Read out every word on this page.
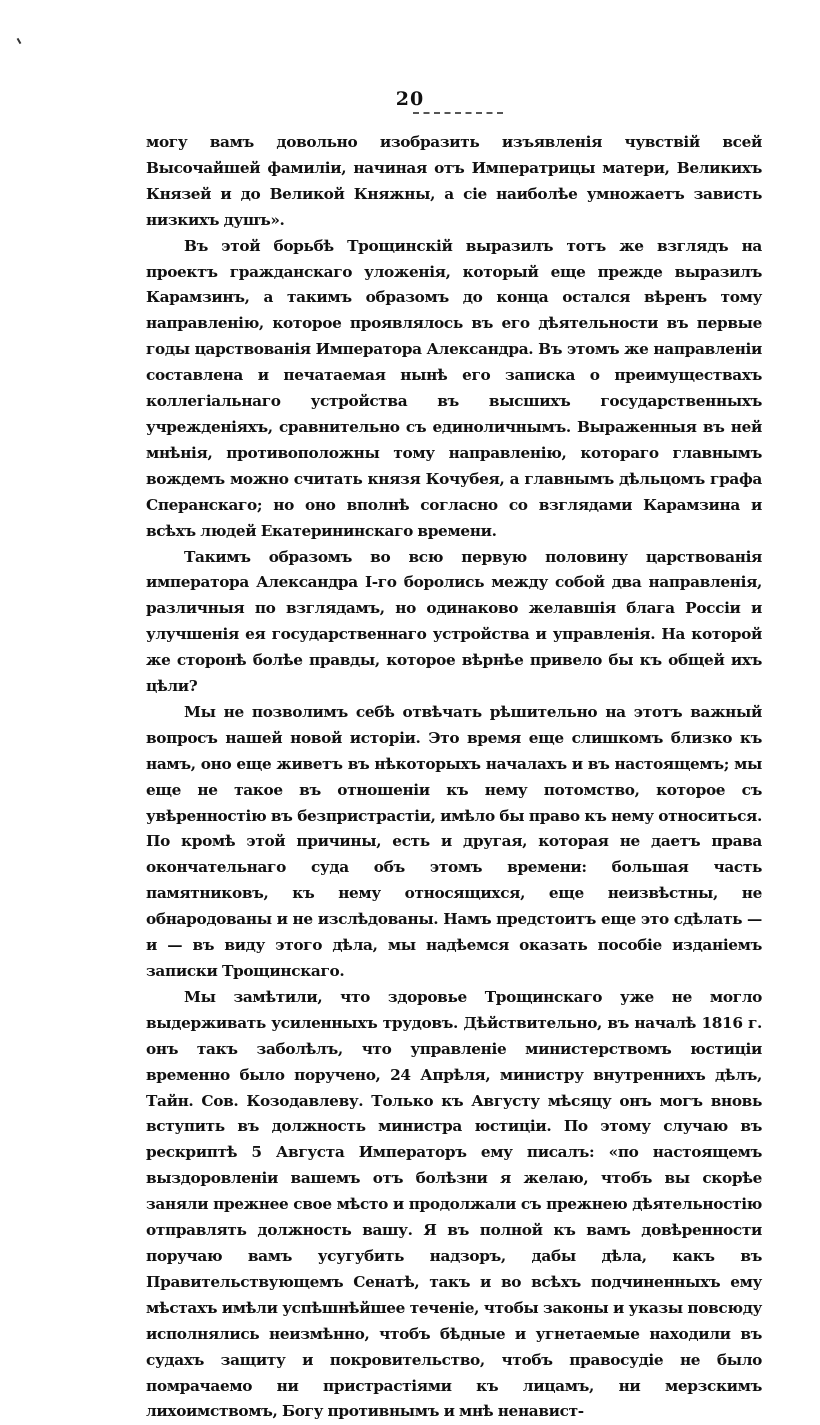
20

могу вамъ довольно изобразить изъявленія чувствій всей Высочайшей фамиліи, начиная отъ Императрицы матери, Великихъ Князей и до Великой Княжны, а сіе наиболѣе умножаетъ зависть низкихъ душъ».

Въ этой борьбѣ Трощинскій выразилъ тотъ же взглядъ на проектъ гражданскаго уложенія, который еще прежде выразилъ Карамзинъ, а такимъ образомъ до конца остался вѣренъ тому направленію, которое проявлялось въ его дѣятельности въ первые годы царствованія Императора Александра. Въ этомъ же направленіи составлена и печатаемая нынѣ его записка о преимуществахъ коллегіальнаго устройства въ высшихъ государственныхъ учрежденіяхъ, сравнительно съ единоличнымъ. Выраженныя въ ней мнѣнія, противоположны тому направленію, котораго главнымъ вождемъ можно считать князя Кочубея, а главнымъ дѣльцомъ графа Сперанскаго; но оно вполнѣ согласно со взглядами Карамзина и всѣхъ людей Екатерининскаго времени.

Такимъ образомъ во всю первую половину царствованія императора Александра I-го боролись между собой два направленія, различныя по взглядамъ, но одинаково желавшія блага Россіи и улучшенія ея государственнаго устройства и управленія. На которой же сторонѣ болѣе правды, которое вѣрнѣе привело бы къ общей ихъ цѣли?

Мы не позволимъ себѣ отвѣчать рѣшительно на этотъ важный вопросъ нашей новой исторіи. Это время еще слишкомъ близко къ намъ, оно еще живетъ въ нѣкоторыхъ началахъ и въ настоящемъ; мы еще не такое въ отношеніи къ нему потомство, которое съ увѣренностію въ безпристрастіи, имѣло бы право къ нему относиться. По кромѣ этой причины, есть и другая, которая не даетъ права окончательнаго суда объ этомъ времени: большая часть памятниковъ, къ нему относящихся, еще неизвѣстны, не обнародованы и не изслѣдованы. Намъ предстоитъ еще это сдѣлать — и — въ виду этого дѣла, мы надѣемся оказать пособіе изданіемъ записки Трощинскаго.

Мы замѣтили, что здоровье Трощинскаго уже не могло выдерживать усиленныхъ трудовъ. Дѣйствительно, въ началѣ 1816 г. онъ такъ заболѣлъ, что управленіе министерствомъ юстиціи временно было поручено, 24 Апрѣля, министру внутреннихъ дѣлъ, Тайн. Сов. Козодавлеву. Только къ Августу мѣсяцу онъ могъ вновь вступить въ должность министра юстиціи. По этому случаю въ рескриптѣ 5 Августа Императоръ ему писалъ: «по настоящемъ выздоровленіи вашемъ отъ болѣзни я желаю, чтобъ вы скорѣе заняли прежнее свое мѣсто и продолжали съ прежнею дѣятельностію отправлять должность вашу. Я въ полной къ вамъ довѣренности поручаю вамъ усугубить надзоръ, дабы дѣла, какъ въ Правительствующемъ Сенатѣ, такъ и во всѣхъ подчиненныхъ ему мѣстахъ имѣли успѣшнѣйшее теченіе, чтобы законы и указы повсюду исполнялись неизмѣнно, чтобъ бѣдные и угнетаемые находили въ судахъ защиту и покровительство, чтобъ правосудіе не было помрачаемо ни пристрастіями къ лицамъ, ни мерзскимъ лихоимствомъ, Богу противнымъ и мнѣ ненавист-
